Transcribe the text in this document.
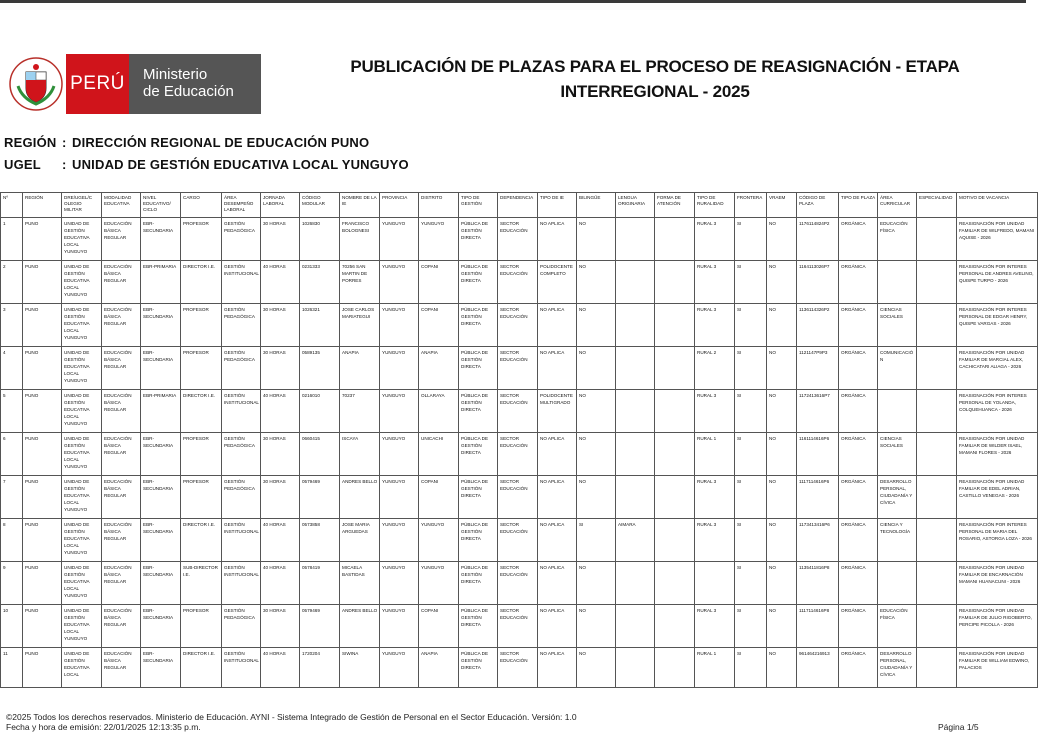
PERÚ Ministerio
de Educación
PUBLICACIÓN DE PLAZAS PARA EL PROCESO DE REASIGNACIÓN - ETAPA
INTERREGIONAL - 2025
REGIÓN : DIRECCIÓN REGIONAL DE EDUCACIÓN PUNO
UGEL : UNIDAD DE GESTIÓN EDUCATIVA LOCAL YUNGUYO
Nº	REGIÓN	DRE/UGEL/C OLEGIO MILITAR	MODALIDAD EDUCATIVA	NIVEL EDUCATIVO/ CICLO	CARGO	ÁREA DESEMPEÑO LABORAL	JORNADA LABORAL	CÓDIGO MODULAR	NOMBRE DE LA IE	PROVINCIA	DISTRITO	TIPO DE GESTIÓN	DEPENDENCIA	TIPO DE IE	BILINGÜE	LENGUA ORIGINARIA	FORMA DE ATENCIÓN	TIPO DE RURALIDAD	FRONTERA	VRAEM	CÓDIGO DE PLAZA	TIPO DE PLAZA	ÁREA CURRICULAR	ESPECIALIDAD	MOTIVO DE VACANCIA
1	PUNO	UNIDAD DE GESTIÓN EDUCATIVA LOCAL YUNGUYO	EDUCACIÓN BÁSICA REGULAR	EBR-SECUNDARIA	PROFESOR	GESTIÓN PEDAGÓGICA	30 HORAS	1026830	FRANCISCO BOLOGNESI	YUNGUYO	YUNGUYO	PÚBLICA DE GESTIÓN DIRECTA	SECTOR EDUCACIÓN	NO APLICA	NO			RURAL 3	SI	NO	1176114824P2	ORGÁNICA	EDUCACIÓN FÍSICA		REASIGNACIÓN POR UNIDAD FAMILIAR DE WILFREDO, MAMANI AQUISE - 2026
2	PUNO	UNIDAD DE GESTIÓN EDUCATIVA LOCAL YUNGUYO	EDUCACIÓN BÁSICA REGULAR	EBR-PRIMARIA	DIRECTOR I.E.	GESTIÓN INSTITUCIONAL	40 HORAS	0231333	70256 SAN MARTIN DE PORRES	YUNGUYO	COPANI	PÚBLICA DE GESTIÓN DIRECTA	SECTOR EDUCACIÓN	POLIDOCENTE COMPLETO	NO			RURAL 3	SI	NO	1164113026P7	ORGÁNICA			REASIGNACIÓN POR INTERES PERSONAL DE ANDRES AVELINO, QUISPE TURPO - 2026
3	PUNO	UNIDAD DE GESTIÓN EDUCATIVA LOCAL YUNGUYO	EDUCACIÓN BÁSICA REGULAR	EBR-SECUNDARIA	PROFESOR	GESTIÓN PEDAGÓGICA	30 HORAS	1026321	JOSE CARLOS MARIATEGUI	YUNGUYO	COPANI	PÚBLICA DE GESTIÓN DIRECTA	SECTOR EDUCACIÓN	NO APLICA	NO			RURAL 3	SI	NO	1136114326P2	ORGÁNICA	CIENCIAS SOCIALES		REASIGNACIÓN POR INTERES PERSONAL DE EDGAR HENRY, QUISPE VARGAS - 2026
4	PUNO	UNIDAD DE GESTIÓN EDUCATIVA LOCAL YUNGUYO	EDUCACIÓN BÁSICA REGULAR	EBR-SECUNDARIA	PROFESOR	GESTIÓN PEDAGÓGICA	30 HORAS	0589135	ANAPIA	YUNGUYO	ANAPIA	PÚBLICA DE GESTIÓN DIRECTA	SECTOR EDUCACIÓN	NO APLICA	NO			RURAL 2	SI	NO	1121147P9P3	ORGÁNICA	COMUNICACIÓN		REASIGNACIÓN POR UNIDAD FAMILIAR DE MARCIAL ALEX, CACHICATARI ALIAGA - 2026
5	PUNO	UNIDAD DE GESTIÓN EDUCATIVA LOCAL YUNGUYO	EDUCACIÓN BÁSICA REGULAR	EBR-PRIMARIA	DIRECTOR I.E.	GESTIÓN INSTITUCIONAL	40 HORAS	0216010	70237	YUNGUYO	OLLARAYA	PÚBLICA DE GESTIÓN DIRECTA	SECTOR EDUCACIÓN	POLIDOCENTE MULTIGRADO	NO			RURAL 3	SI	NO	1172413616P7	ORGÁNICA			REASIGNACIÓN POR INTERES PERSONAL DE YOLANDA, COLQUEHUANCA - 2026
6	PUNO	UNIDAD DE GESTIÓN EDUCATIVA LOCAL YUNGUYO	EDUCACIÓN BÁSICA REGULAR	EBR-SECUNDARIA	PROFESOR	GESTIÓN PEDAGÓGICA	30 HORAS	0660415	ISCAYA	YUNGUYO	UNICACHI	PÚBLICA DE GESTIÓN DIRECTA	SECTOR EDUCACIÓN	NO APLICA	NO			RURAL 1	SI	NO	1161114616P6	ORGÁNICA	CIENCIAS SOCIALES		REASIGNACIÓN POR UNIDAD FAMILIAR DE WILDER ISAEL, MAMANI FLORES - 2026
7	PUNO	UNIDAD DE GESTIÓN EDUCATIVA LOCAL YUNGUYO	EDUCACIÓN BÁSICA REGULAR	EBR-SECUNDARIA	PROFESOR	GESTIÓN PEDAGÓGICA	30 HORAS	0579469	ANDRES BELLO	YUNGUYO	COPANI	PÚBLICA DE GESTIÓN DIRECTA	SECTOR EDUCACIÓN	NO APLICA	NO			RURAL 3	SI	NO	1117114616P6	ORGÁNICA	DESARROLLO PERSONAL, CIUDADANÍA Y CÍVICA		REASIGNACIÓN POR UNIDAD FAMILIAR DE EDEL ADRIAN, CASTILLO VENEGAS - 2026
8	PUNO	UNIDAD DE GESTIÓN EDUCATIVA LOCAL YUNGUYO	EDUCACIÓN BÁSICA REGULAR	EBR-SECUNDARIA	DIRECTOR I.E.	GESTIÓN INSTITUCIONAL	40 HORAS	0573858	JOSE MARIA ARGUEDAS	YUNGUYO	YUNGUYO	PÚBLICA DE GESTIÓN DIRECTA	SECTOR EDUCACIÓN	NO APLICA	SI	AIMARA		RURAL 3	SI	NO	1173413416P6	ORGÁNICA	CIENCIA Y TECNOLOGÍA		REASIGNACIÓN POR INTERES PERSONAL DE MARIA DEL ROSARIO, ASTORGA LOZA - 2026
9	PUNO	UNIDAD DE GESTIÓN EDUCATIVA LOCAL YUNGUYO	EDUCACIÓN BÁSICA REGULAR	EBR-SECUNDARIA	SUB-DIRECTOR I.E.	GESTIÓN INSTITUCIONAL	40 HORAS	0578419	MICAELA BASTIDAS	YUNGUYO	YUNGUYO	PÚBLICA DE GESTIÓN DIRECTA	SECTOR EDUCACIÓN	NO APLICA	NO				SI	NO	1135411816P8	ORGÁNICA			REASIGNACIÓN POR UNIDAD FAMILIAR DE ENCARNACIÓN MAMANI HUANACUNI - 2026
10	PUNO	UNIDAD DE GESTIÓN EDUCATIVA LOCAL YUNGUYO	EDUCACIÓN BÁSICA REGULAR	EBR-SECUNDARIA	PROFESOR	GESTIÓN PEDAGÓGICA	30 HORAS	0579469	ANDRES BELLO	YUNGUYO	COPANI	PÚBLICA DE GESTIÓN DIRECTA	SECTOR EDUCACIÓN	NO APLICA	NO			RURAL 3	SI	NO	1117114616P8	ORGÁNICA	EDUCACIÓN FÍSICA		REASIGNACIÓN POR UNIDAD FAMILIAR DE JULIO RIGOBERTO, PERCIPE PICOLLA - 2026
11	PUNO	UNIDAD DE GESTIÓN EDUCATIVA LOCAL	EDUCACIÓN BÁSICA REGULAR	EBR-SECUNDARIA	DIRECTOR I.E.	GESTIÓN INSTITUCIONAL	40 HORAS	1720204	SIWINA	YUNGUYO	ANAPIA	PÚBLICA DE GESTIÓN DIRECTA	SECTOR EDUCACIÓN	NO APLICA	NO			RURAL 1	SI	NO	961464216913	ORGÁNICA	DESARROLLO PERSONAL, CIUDADANÍA Y CÍVICA		REASIGNACIÓN POR UNIDAD FAMILIAR DE WILLIAM EDWINO, PALACIOS
©2025 Todos los derechos reservados. Ministerio de Educación. AYNI - Sistema Integrado de Gestión de Personal en el Sector Educación. Versión: 1.0
Fecha y hora de emisión: 22/01/2025 12:13:35 p.m.	Página 1/5
